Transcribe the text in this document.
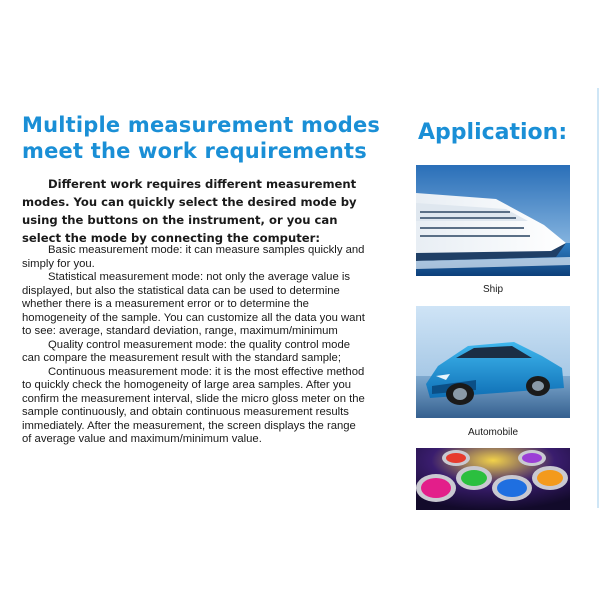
Multiple measurement modes
meet the work requirements

Different work requires different measurement modes. You can quickly select the desired mode by using the buttons on the instrument, or you can select the mode by connecting the computer:

Basic measurement mode: it can measure samples quickly and simply for you.

Statistical measurement mode: not only the average value is displayed, but also the statistical data can be used to determine whether there is a measurement error or to determine the homogeneity of the sample. You can customize all the data you want to see: average, standard deviation, range, maximum/minimum

Quality control measurement mode: the quality control mode can compare the measurement result with the standard sample;

Continuous measurement mode: it is the most effective method to quickly check the homogeneity of large area samples. After you confirm the measurement interval, slide the micro gloss meter on the sample continuously, and obtain continuous measurement results immediately. After the measurement, the screen displays the range of average value and maximum/minimum value.

Application:
Ship
Automobile
